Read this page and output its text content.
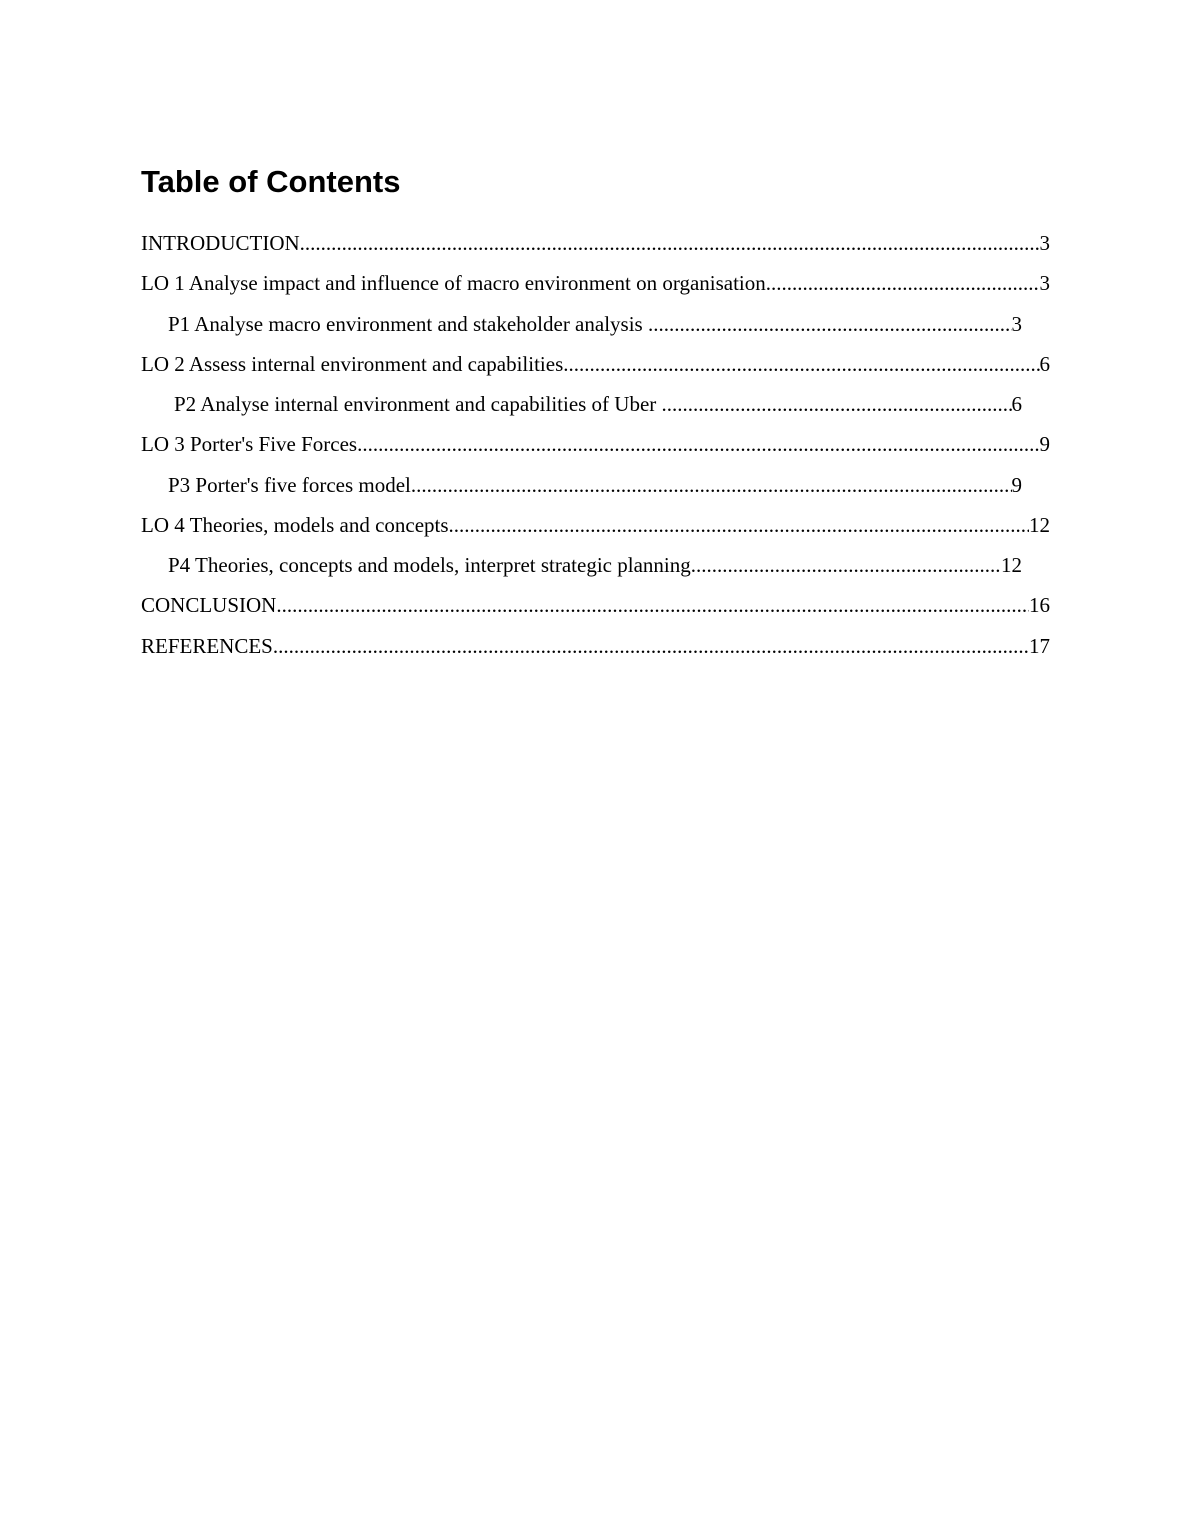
Table of Contents
INTRODUCTION .....	3
LO 1 Analyse impact and influence of macro environment on organisation .....	3
P1 Analyse macro environment and stakeholder analysis .....	3
LO 2 Assess internal environment and capabilities .....	6
P2 Analyse internal environment and capabilities of Uber .....	6
LO 3 Porter's Five Forces .....	9
P3 Porter's five forces model .....	9
LO 4 Theories, models and concepts .....	12
P4 Theories, concepts and models, interpret strategic planning .....	12
CONCLUSION .....	16
REFERENCES .....	17
